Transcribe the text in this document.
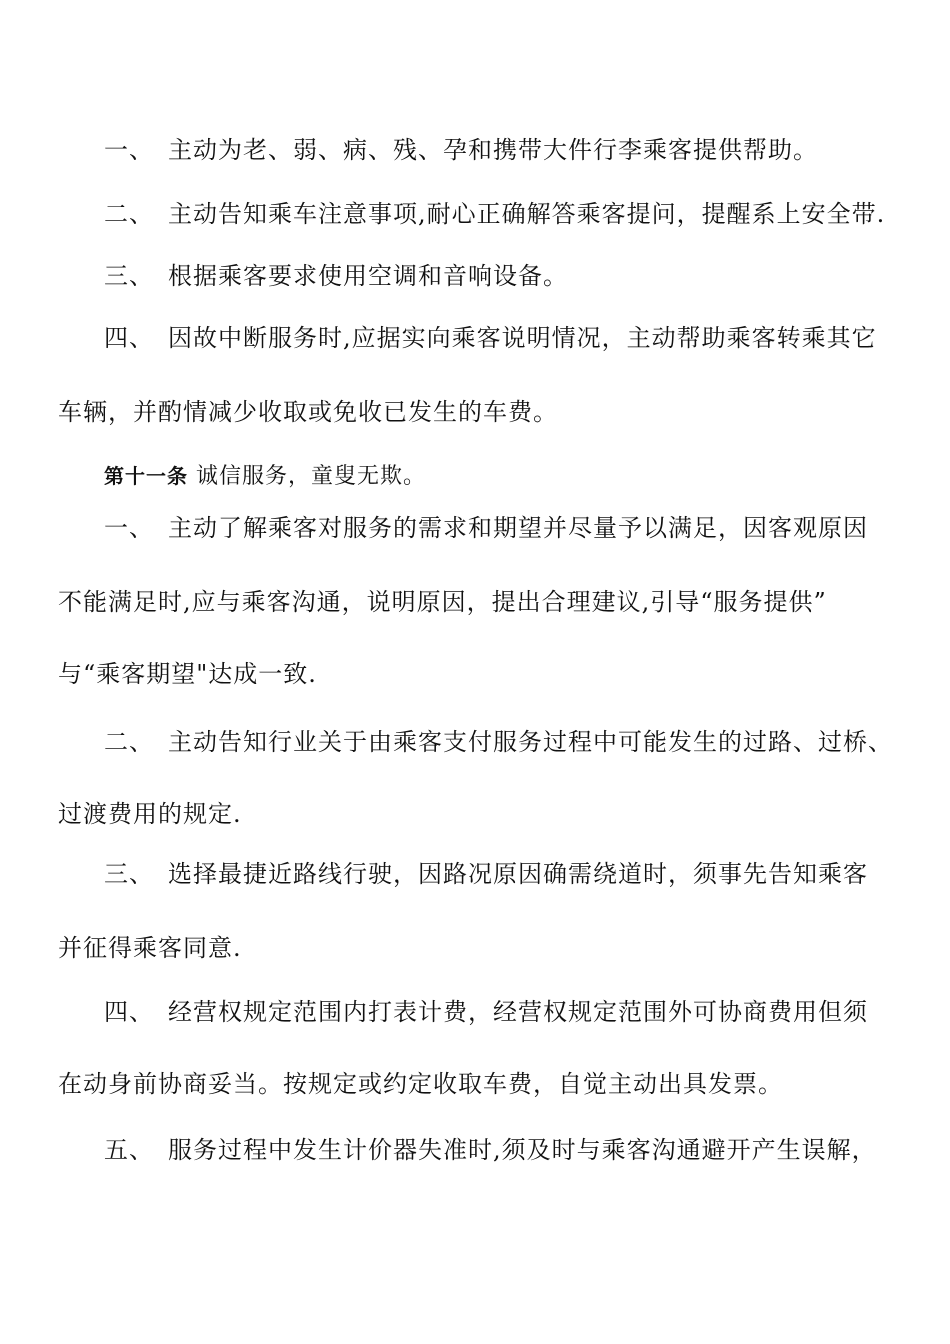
一、 主动为老、弱、病、残、孕和携带大件行李乘客提供帮助。
二、 主动告知乘车注意事项,耐心正确解答乘客提问，提醒系上安全带.
三、 根据乘客要求使用空调和音响设备。
四、 因故中断服务时,应据实向乘客说明情况，主动帮助乘客转乘其它
车辆，并酌情减少收取或免收已发生的车费。
第十一条 诚信服务，童叟无欺。
一、 主动了解乘客对服务的需求和期望并尽量予以满足，因客观原因
不能满足时,应与乘客沟通，说明原因，提出合理建议,引导“服务提供”
与“乘客期望"达成一致.
二、 主动告知行业关于由乘客支付服务过程中可能发生的过路、过桥、
过渡费用的规定.
三、 选择最捷近路线行驶，因路况原因确需绕道时，须事先告知乘客
并征得乘客同意.
四、 经营权规定范围内打表计费，经营权规定范围外可协商费用但须
在动身前协商妥当。按规定或约定收取车费，自觉主动出具发票。
五、 服务过程中发生计价器失准时,须及时与乘客沟通避开产生误解，
